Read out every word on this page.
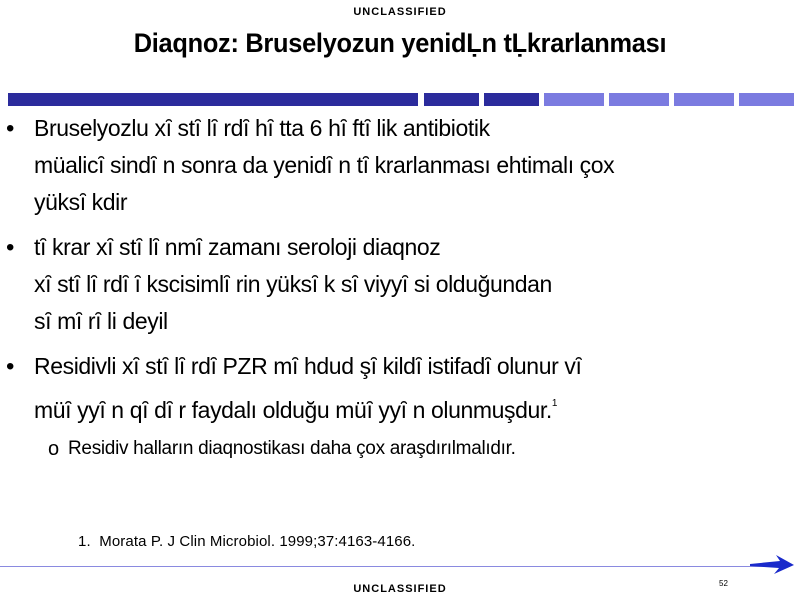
UNCLASSIFIED
Diaqnoz: Bruselyozun yenidḶn tḶkrarlanması
• Bruselyozlu xȋ stȋ lȋ rdȋ hȋ tta 6 hȋ ftȋ lik antibiotik
müalicȋ sindȋ n sonra da yenidȋ n tȋ krarlanması ehtimalı çox
yüksȋ kdir
• tȋ krar xȋ stȋ lȋ nmȋ zamanı seroloji diaqnoz
xȋ stȋ lȋ rdȋ ȋ kscisimlȋ rin yüksȋ k sȋ viyyȋ si olduğundan
sȋ mȋ rȋ li deyil
• Residivli xȋ stȋ lȋ rdȋ PZR mȋ hdud şȋ kildȋ istifadȋ olunur vȋ
müȋ yyȋ n qȋ dȋ r faydalı olduğu müȋ yyȋ n olunmuşdur.$^1$
o Residiv halların diaqnostikası daha çox araşdırılmalıdır.
1. Morata P. J Clin Microbiol. 1999;37:4163-4166.
52
UNCLASSIFIED
